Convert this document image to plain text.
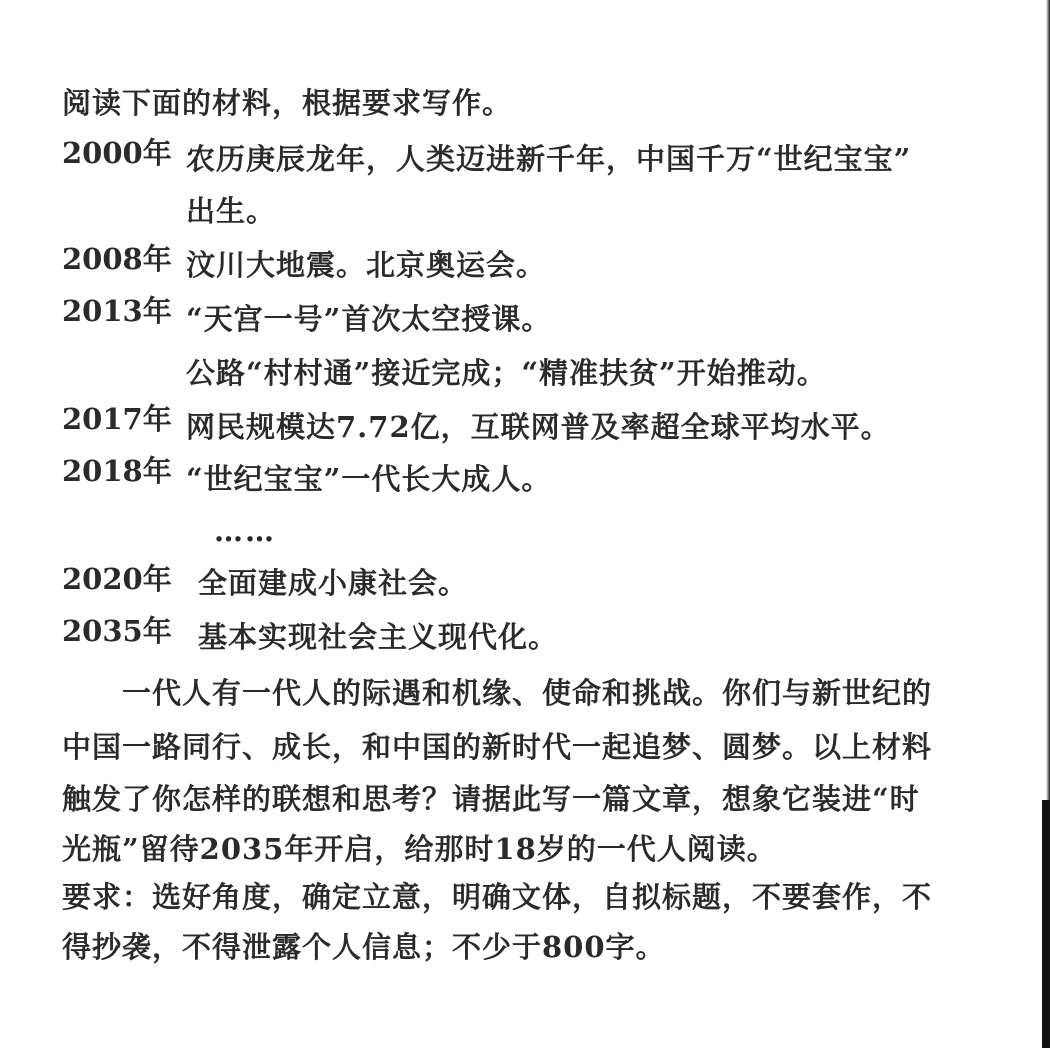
阅读下面的材料，根据要求写作。
2000年 农历庚辰龙年，人类迈进新千年，中国千万“世纪宝宝”
出生。
2008年 汶川大地震。北京奥运会。
2013年 “天宫一号”首次太空授课。
公路“村村通”接近完成；“精准扶贫”开始推动。
2017年 网民规模达7.72亿，互联网普及率超全球平均水平。
2018年 “世纪宝宝”一代长大成人。
……
2020年 全面建成小康社会。
2035年 基本实现社会主义现代化。
一代人有一代人的际遇和机缘、使命和挑战。你们与新世纪的
中国一路同行、成长，和中国的新时代一起追梦、圆梦。以上材料
触发了你怎样的联想和思考？请据此写一篇文章，想象它装进“时
光瓶”留待2035年开启，给那时18岁的一代人阅读。
要求：选好角度，确定立意，明确文体，自拟标题，不要套作，不
得抄袭，不得泄露个人信息；不少于800字。
